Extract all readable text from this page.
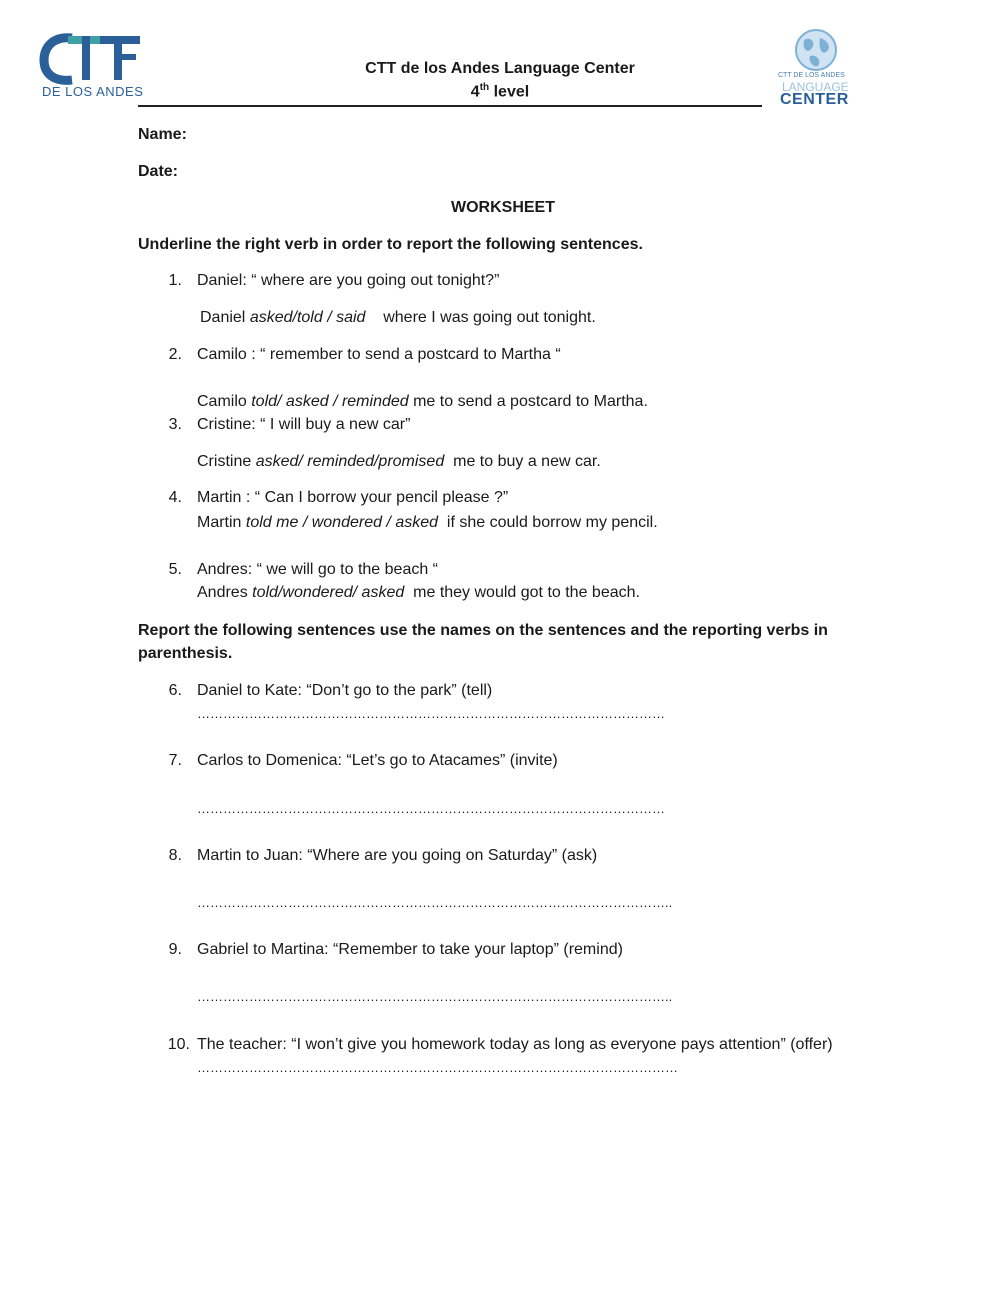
DE LOS ANDES
CTT DE LOS ANDES
LANGUAGE
CENTER
CTT de los Andes Language Center
4th level
Name:
Date:
WORKSHEET
Underline the right verb in order to report the following sentences.
1. Daniel: “ where are you going out tonight?”
Daniel asked/told / said    where I was going out tonight.
2. Camilo : “ remember to send a postcard to Martha “
Camilo told/ asked / reminded me to send a postcard to Martha.
3. Cristine: “ I will buy a new car”
Cristine asked/ reminded/promised  me to buy a new car.
4. Martin : “ Can I borrow your pencil please ?”
Martin told me / wondered / asked  if she could borrow my pencil.
5. Andres: “ we will go to the beach “
Andres told/wondered/ asked  me they would got to the beach.
Report the following sentences use the names on the sentences and the reporting verbs in
parenthesis.
6. Daniel to Kate: “Don’t go to the park” (tell)
………………………………………………………………………………………………
7. Carlos to Domenica: “Let’s go to Atacames” (invite)
………………………………………………………………………………………………
8. Martin to Juan: “Where are you going on Saturday” (ask)
………………………………………………………………………………………………..
9. Gabriel to Martina: “Remember to take your laptop” (remind)
………………………………………………………………………………………………..
10. The teacher: “I won’t give you homework today as long as everyone pays attention” (offer)
…………………………………………………………………………………………………
